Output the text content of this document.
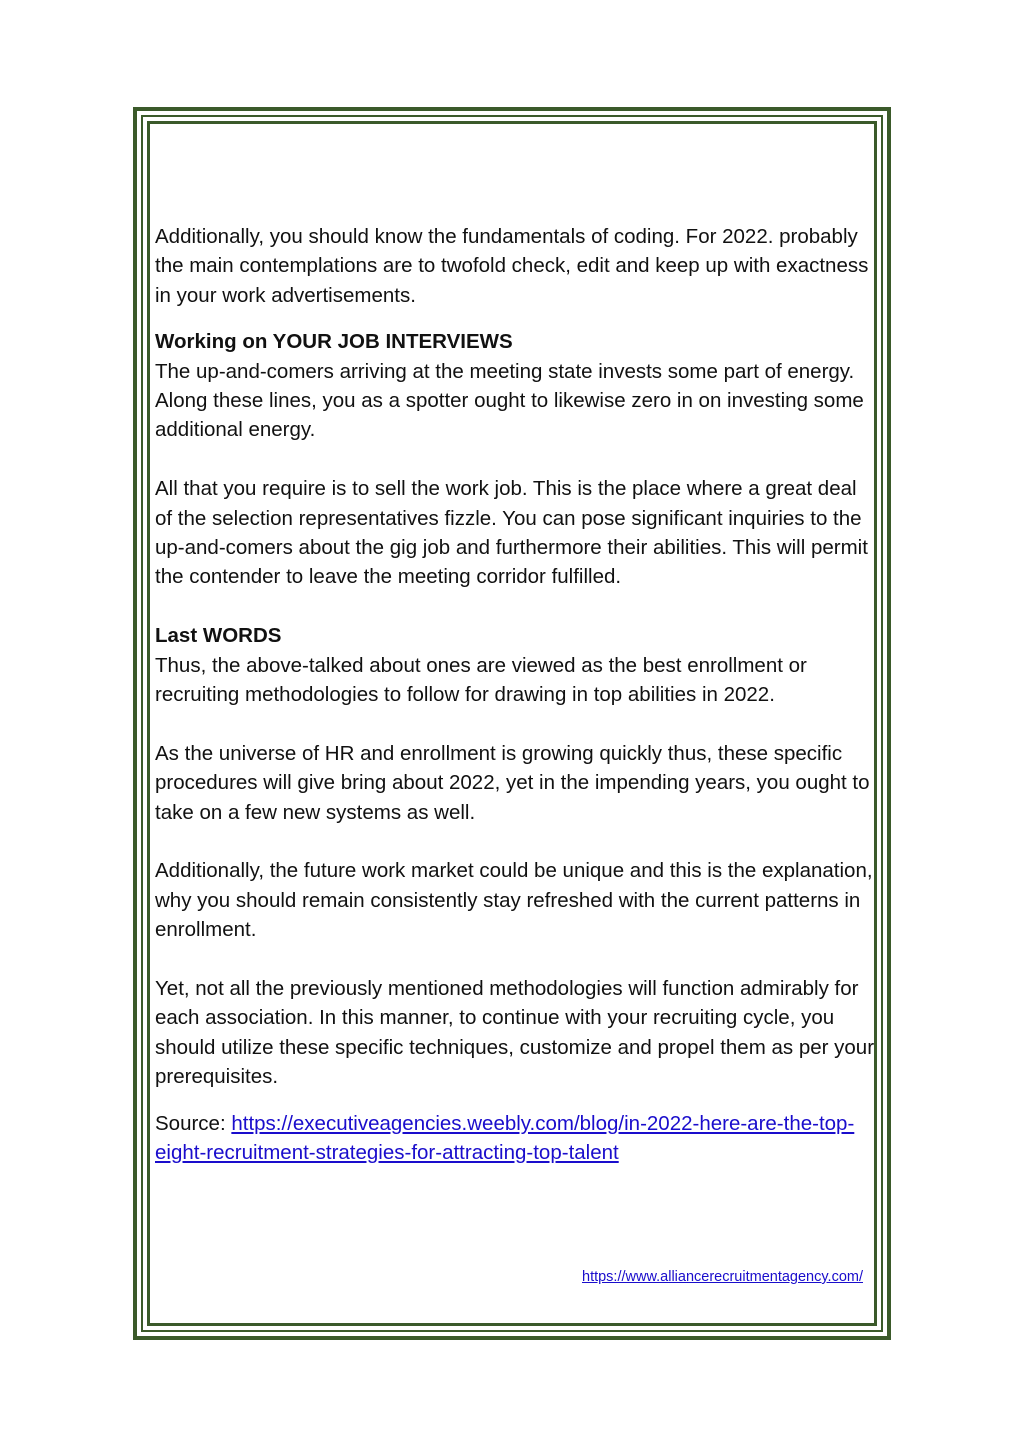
Additionally, you should know the fundamentals of coding. For 2022. probably the main contemplations are to twofold check, edit and keep up with exactness in your work advertisements.

Working on YOUR JOB INTERVIEWS

The up-and-comers arriving at the meeting state invests some part of energy. Along these lines, you as a spotter ought to likewise zero in on investing some additional energy.

All that you require is to sell the work job. This is the place where a great deal of the selection representatives fizzle. You can pose significant inquiries to the up-and-comers about the gig job and furthermore their abilities. This will permit the contender to leave the meeting corridor fulfilled.

Last WORDS

Thus, the above-talked about ones are viewed as the best enrollment or recruiting methodologies to follow for drawing in top abilities in 2022.

As the universe of HR and enrollment is growing quickly thus, these specific procedures will give bring about 2022, yet in the impending years, you ought to take on a few new systems as well.

Additionally, the future work market could be unique and this is the explanation, why you should remain consistently stay refreshed with the current patterns in enrollment.

Yet, not all the previously mentioned methodologies will function admirably for each association. In this manner, to continue with your recruiting cycle, you should utilize these specific techniques, customize and propel them as per your prerequisites.

Source: https://executiveagencies.weebly.com/blog/in-2022-here-are-the-top-eight-recruitment-strategies-for-attracting-top-talent

https://www.alliancerecruitmentagency.com/
